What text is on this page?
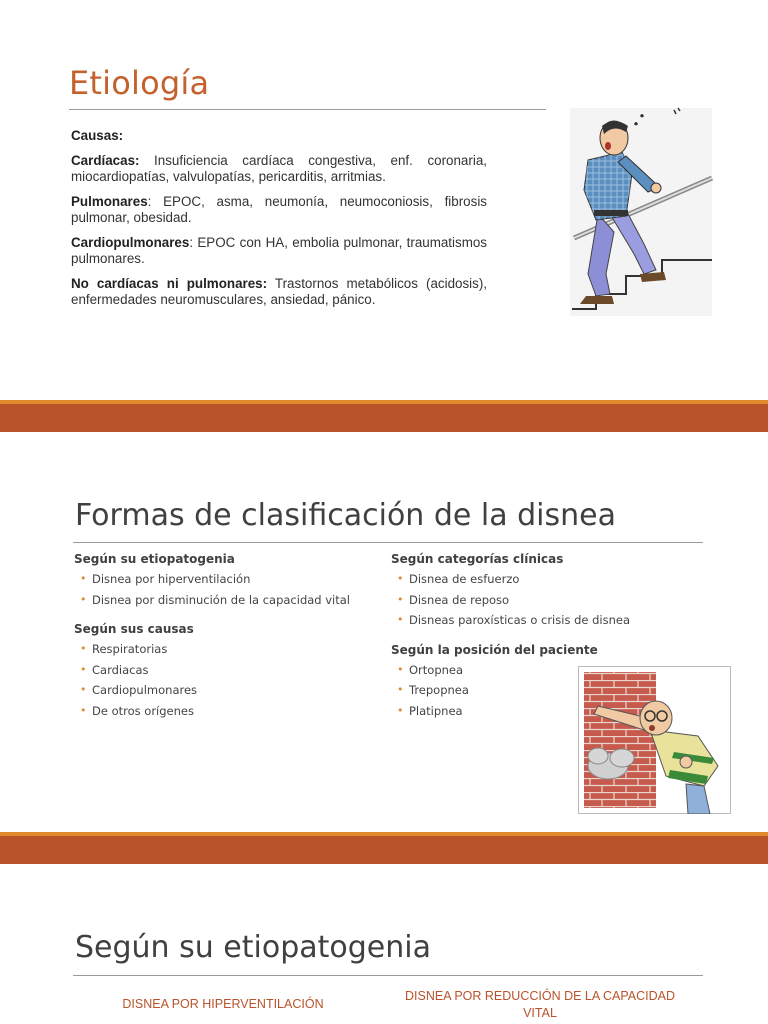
Etiología

Causas:

Cardíacas: Insuficiencia cardíaca congestiva, enf. coronaria, miocardiopatías, valvulopatías, pericarditis, arritmias.

Pulmonares: EPOC, asma, neumonía, neumoconiosis, fibrosis pulmonar, obesidad.

Cardiopulmonares: EPOC con HA, embolia pulmonar, traumatismos pulmonares.

No cardíacas ni pulmonares: Trastornos metabólicos (acidosis), enfermedades neuromusculares, ansiedad, pánico.

Formas de clasificación de la disnea
Según su etiopatogenia
• Disnea por hiperventilación
• Disnea por disminución de la capacidad vital
Según sus causas
• Respiratorias
• Cardiacas
• Cardiopulmonares
• De otros orígenes
Según categorías clínicas
• Disnea de esfuerzo
• Disnea de reposo
• Disneas paroxísticas o crisis de disnea
Según la posición del paciente
• Ortopnea
• Trepopnea
• Platipnea
Según su etiopatogenia
DISNEA POR HIPERVENTILACIÓN
DISNEA POR REDUCCIÓN DE LA CAPACIDAD VITAL
